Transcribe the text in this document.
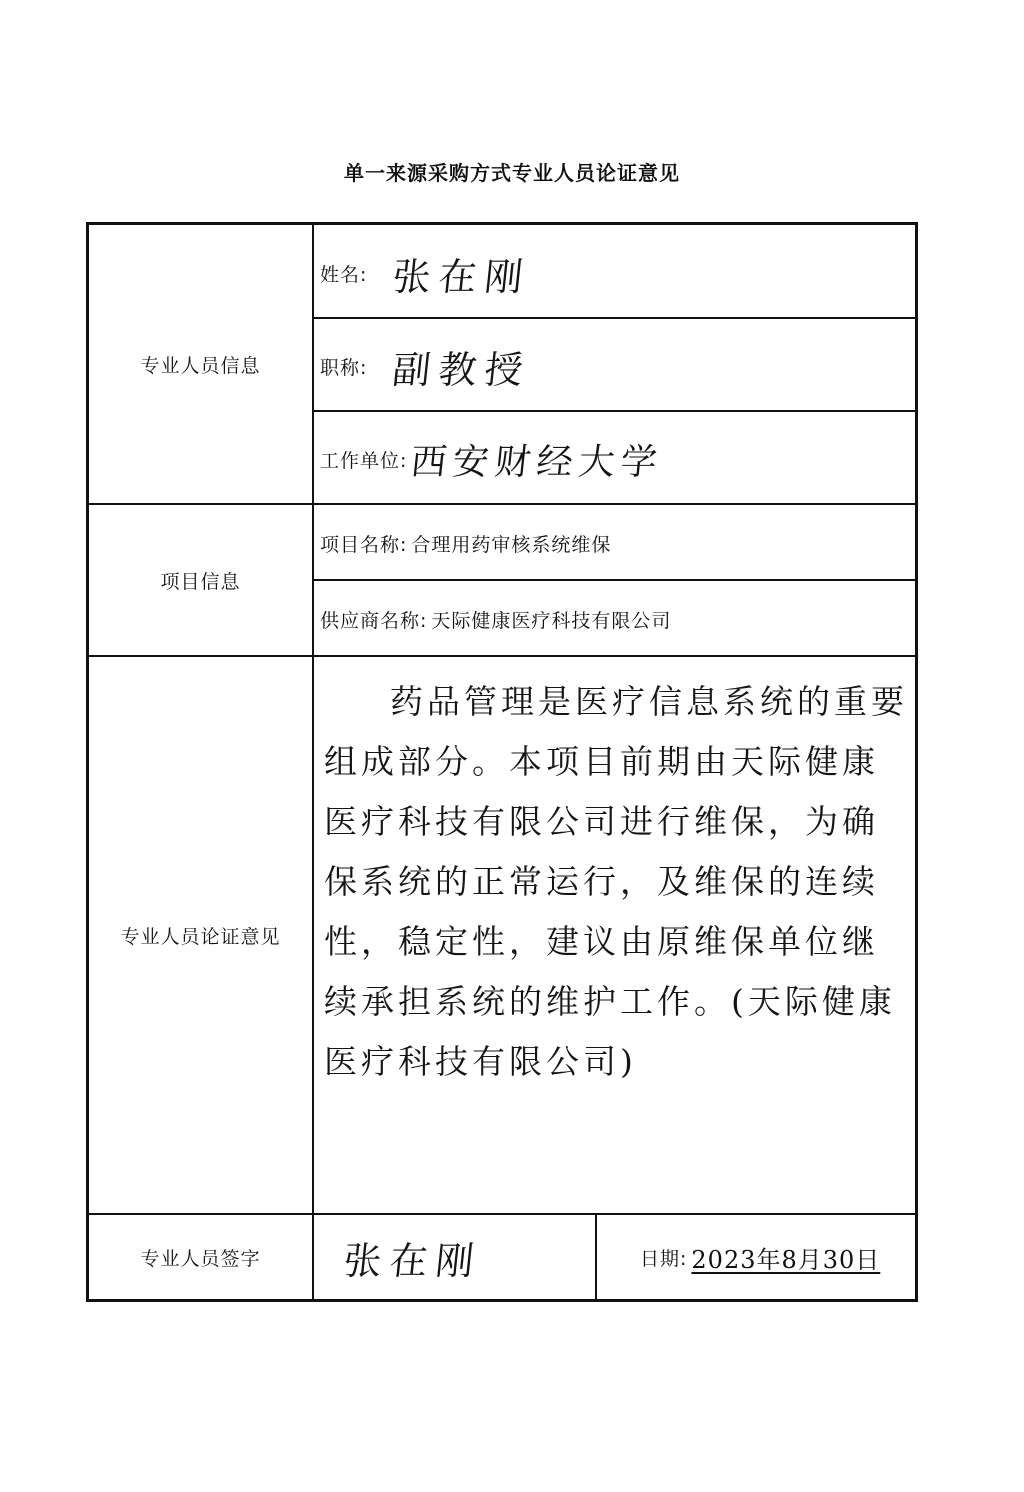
单一来源采购方式专业人员论证意见
专业人员信息
项目信息
专业人员论证意见
专业人员签字
姓名: 张在刚
职称: 副教授
工作单位: 西安财经大学
项目名称: 合理用药审核系统维保
供应商名称: 天际健康医疗科技有限公司
药品管理是医疗信息系统的重要组成部分。本项目前期由天际健康医疗科技有限公司进行维保，为确保系统的正常运行，及维保的连续性，稳定性，建议由原维保单位继续承担系统的维护工作。(天际健康医疗科技有限公司)
张在刚	日期: 2023年8月30日
